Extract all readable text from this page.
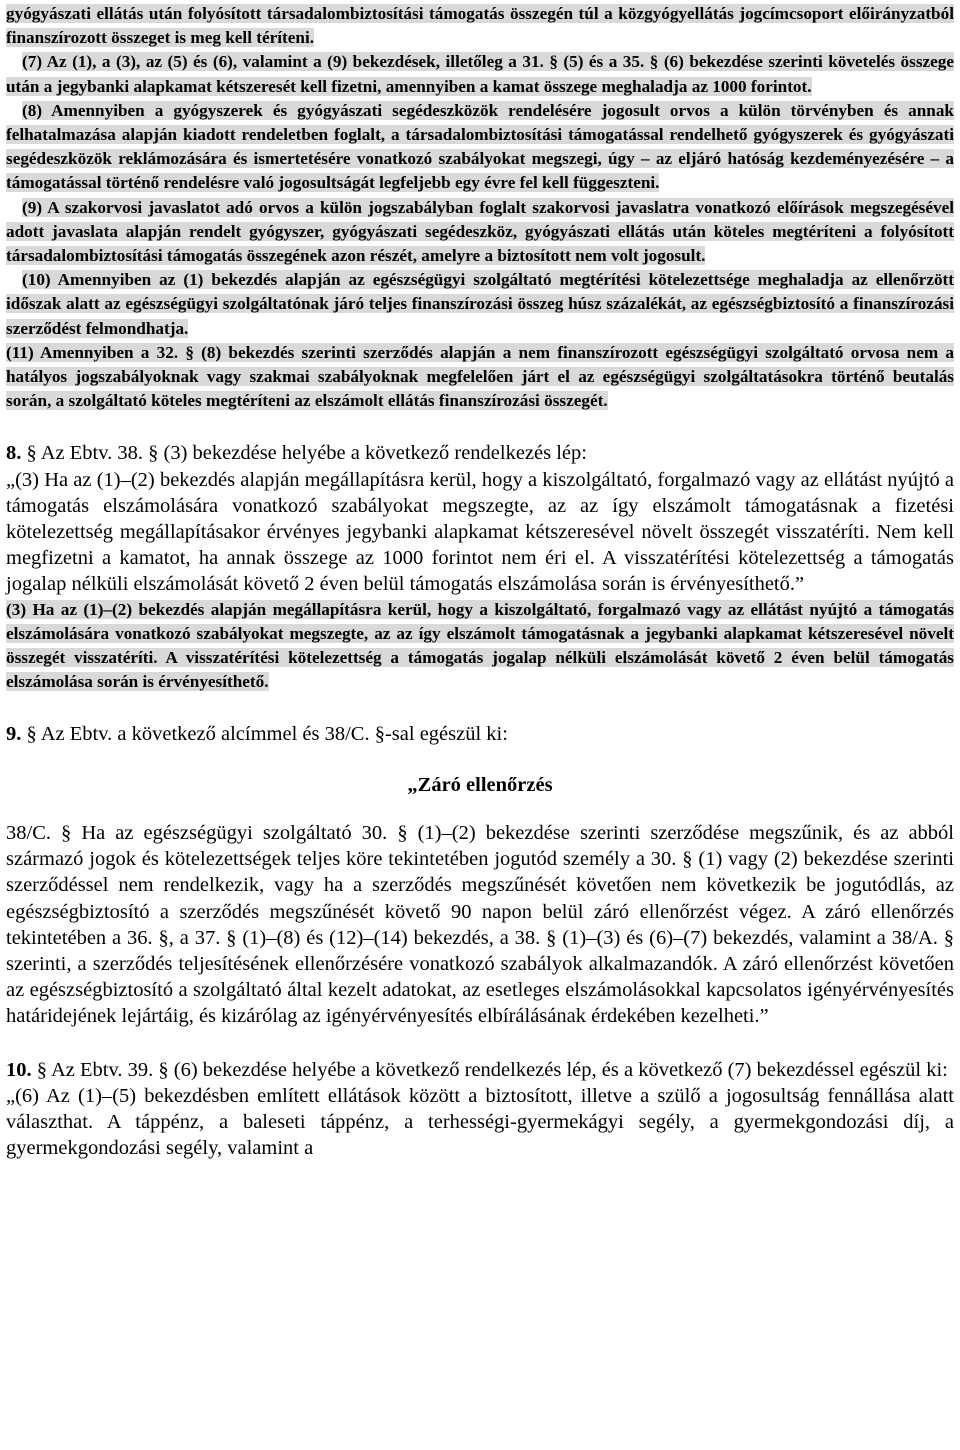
gyógyászati ellátás után folyósított társadalombiztosítási támogatás összegén túl a közgyógyellátás jogcímcsoport előirányzatból finanszírozott összeget is meg kell téríteni.

(7) Az (1), a (3), az (5) és (6), valamint a (9) bekezdések, illetőleg a 31. § (5) és a 35. § (6) bekezdése szerinti követelés összege után a jegybanki alapkamat kétszeresét kell fizetni, amennyiben a kamat összege meghaladja az 1000 forintot.

(8) Amennyiben a gyógyszerek és gyógyászati segédeszközök rendelésére jogosult orvos a külön törvényben és annak felhatalmazása alapján kiadott rendeletben foglalt, a társadalombiztosítási támogatással rendelhető gyógyszerek és gyógyászati segédeszközök reklámozására és ismertetésére vonatkozó szabályokat megszegi, úgy – az eljáró hatóság kezdeményezésére – a támogatással történő rendelésre való jogosultságát legfeljebb egy évre fel kell függeszteni.

(9) A szakorvosi javaslatot adó orvos a külön jogszabályban foglalt szakorvosi javaslatra vonatkozó előírások megszegésével adott javaslata alapján rendelt gyógyszer, gyógyászati segédeszköz, gyógyászati ellátás után köteles megtéríteni a folyósított társadalombiztosítási támogatás összegének azon részét, amelyre a biztosított nem volt jogosult.

(10) Amennyiben az (1) bekezdés alapján az egészségügyi szolgáltató megtérítési kötelezettsége meghaladja az ellenőrzött időszak alatt az egészségügyi szolgáltatónak járó teljes finanszírozási összeg húsz százalékát, az egészségbiztosító a finanszírozási szerződést felmondhatja.

(11) Amennyiben a 32. § (8) bekezdés szerinti szerződés alapján a nem finanszírozott egészségügyi szolgáltató orvosa nem a hatályos jogszabályoknak vagy szakmai szabályoknak megfelelően járt el az egészségügyi szolgáltatásokra történő beutalás során, a szolgáltató köteles megtéríteni az elszámolt ellátás finanszírozási összegét.

8. § Az Ebtv. 38. § (3) bekezdése helyébe a következő rendelkezés lép:

„(3) Ha az (1)–(2) bekezdés alapján megállapításra kerül, hogy a kiszolgáltató, forgalmazó vagy az ellátást nyújtó a támogatás elszámolására vonatkozó szabályokat megszegte, az az így elszámolt támogatásnak a fizetési kötelezettség megállapításakor érvényes jegybanki alapkamat kétszeresével növelt összegét visszatéríti. Nem kell megfizetni a kamatot, ha annak összege az 1000 forintot nem éri el. A visszatérítési kötelezettség a támogatás jogalap nélküli elszámolását követő 2 éven belül támogatás elszámolása során is érvényesíthető.”

(3) Ha az (1)–(2) bekezdés alapján megállapításra kerül, hogy a kiszolgáltató, forgalmazó vagy az ellátást nyújtó a támogatás elszámolására vonatkozó szabályokat megszegte, az az így elszámolt támogatásnak a jegybanki alapkamat kétszeresével növelt összegét visszatéríti. A visszatérítési kötelezettség a támogatás jogalap nélküli elszámolását követő 2 éven belül támogatás elszámolása során is érvényesíthető.

9. § Az Ebtv. a következő alcímmel és 38/C. §-sal egészül ki:

„Záró ellenőrzés

38/C. § Ha az egészségügyi szolgáltató 30. § (1)–(2) bekezdése szerinti szerződése megszűnik, és az abból származó jogok és kötelezettségek teljes köre tekintetében jogutód személy a 30. § (1) vagy (2) bekezdése szerinti szerződéssel nem rendelkezik, vagy ha a szerződés megszűnését követően nem következik be jogutódlás, az egészségbiztosító a szerződés megszűnését követő 90 napon belül záró ellenőrzést végez. A záró ellenőrzés tekintetében a 36. §, a 37. § (1)–(8) és (12)–(14) bekezdés, a 38. § (1)–(3) és (6)–(7) bekezdés, valamint a 38/A. § szerinti, a szerződés teljesítésének ellenőrzésére vonatkozó szabályok alkalmazandók. A záró ellenőrzést követően az egészségbiztosító a szolgáltató által kezelt adatokat, az esetleges elszámolásokkal kapcsolatos igényérvényesítés határidejének lejártáig, és kizárólag az igényérvényesítés elbírálásának érdekében kezelheti.”

10. § Az Ebtv. 39. § (6) bekezdése helyébe a következő rendelkezés lép, és a következő (7) bekezdéssel egészül ki:

„(6) Az (1)–(5) bekezdésben említett ellátások között a biztosított, illetve a szülő a jogosultság fennállása alatt választhat. A táppénz, a baleseti táppénz, a terhességi-gyermekágyi segély, a gyermekgondozási díj, a gyermekgondozási segély, valamint a
